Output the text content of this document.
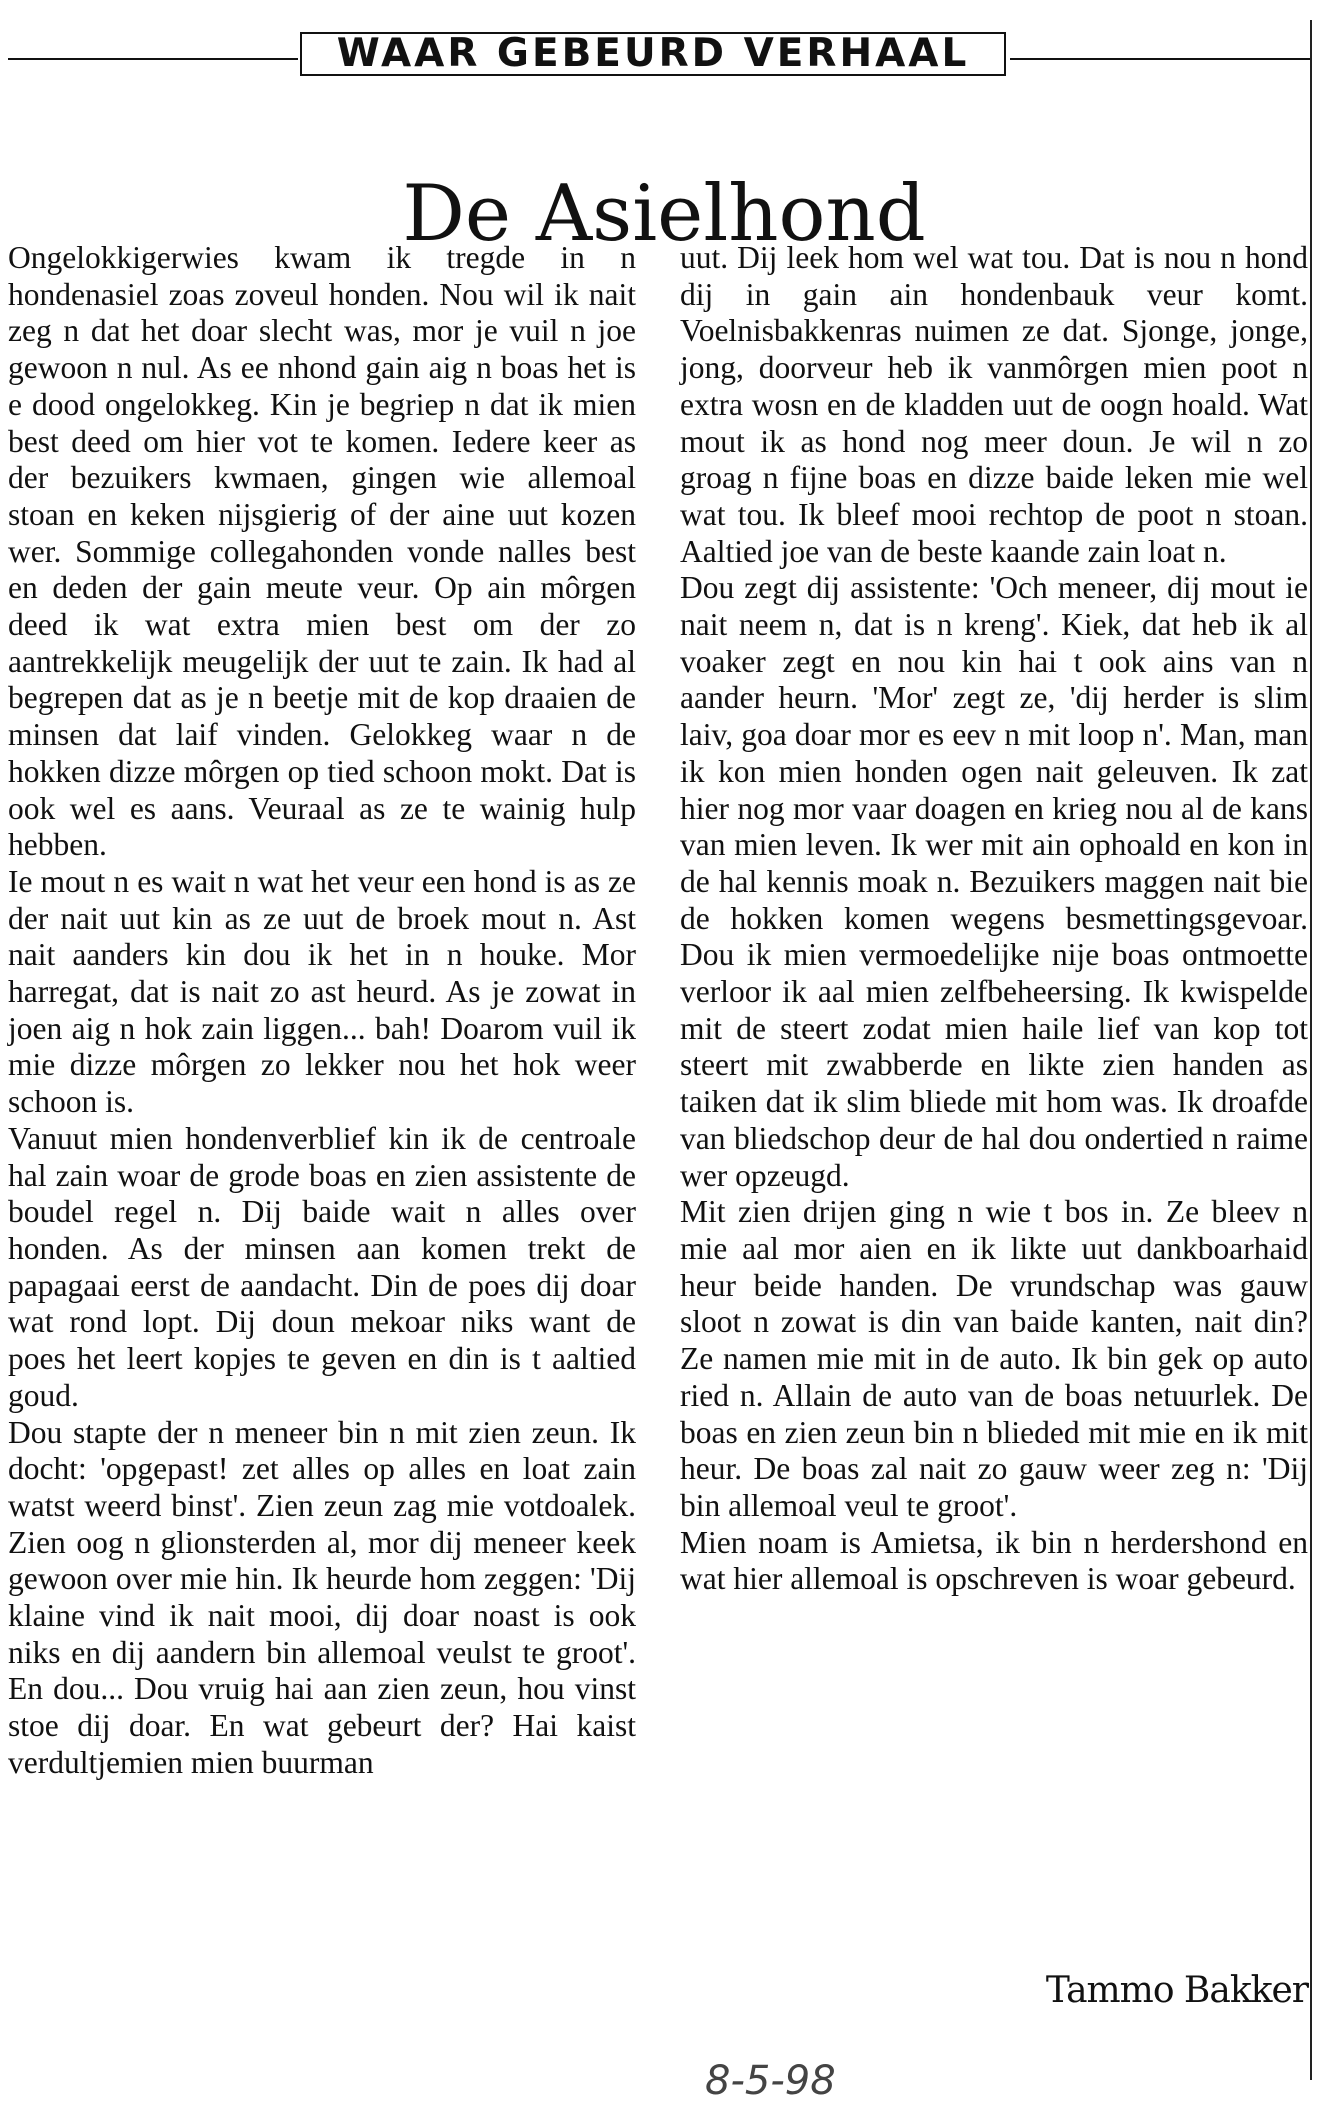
WAAR GEBEURD VERHAAL
De Asielhond

Ongelokkigerwies kwam ik tregde in n hondenasiel zoas zoveul honden. Nou wil ik nait zeg n dat het doar slecht was, mor je vuil n joe gewoon n nul. As ee nhond gain aig n boas het is e dood ongelokkeg. Kin je begriep n dat ik mien best deed om hier vot te komen. Iedere keer as der bezuikers kwmaen, gingen wie allemoal stoan en keken nijsgierig of der aine uut kozen wer. Sommige collegahonden vonde nalles best en deden der gain meute veur. Op ain môrgen deed ik wat extra mien best om der zo aantrekkelijk meugelijk der uut te zain. Ik had al begrepen dat as je n beetje mit de kop draaien de minsen dat laif vinden. Gelokkeg waar n de hokken dizze môrgen op tied schoon mokt. Dat is ook wel es aans. Veuraal as ze te wainig hulp hebben.

Ie mout n es wait n wat het veur een hond is as ze der nait uut kin as ze uut de broek mout n. Ast nait aanders kin dou ik het in n houke. Mor harregat, dat is nait zo ast heurd. As je zowat in joen aig n hok zain liggen... bah! Doarom vuil ik mie dizze môrgen zo lekker nou het hok weer schoon is.

Vanuut mien hondenverblief kin ik de centroale hal zain woar de grode boas en zien assistente de boudel regel n. Dij baide wait n alles over honden. As der minsen aan komen trekt de papagaai eerst de aandacht. Din de poes dij doar wat rond lopt. Dij doun mekoar niks want de poes het leert kopjes te geven en din is t aaltied goud.

Dou stapte der n meneer bin n mit zien zeun. Ik docht: 'opgepast! zet alles op alles en loat zain watst weerd binst'. Zien zeun zag mie votdoalek. Zien oog n glionsterden al, mor dij meneer keek gewoon over mie hin. Ik heurde hom zeggen: 'Dij klaine vind ik nait mooi, dij doar noast is ook niks en dij aandern bin allemoal veulst te groot'. En dou... Dou vruig hai aan zien zeun, hou vinst stoe dij doar. En wat gebeurt der? Hai kaist verdultjemien mien buurman

uut. Dij leek hom wel wat tou. Dat is nou n hond dij in gain ain hondenbauk veur komt. Voelnisbakkenras nuimen ze dat. Sjonge, jonge, jong, doorveur heb ik vanmôrgen mien poot n extra wosn en de kladden uut de oogn hoald. Wat mout ik as hond nog meer doun. Je wil n zo groag n fijne boas en dizze baide leken mie wel wat tou. Ik bleef mooi rechtop de poot n stoan. Aaltied joe van de beste kaande zain loat n.

Dou zegt dij assistente: 'Och meneer, dij mout ie nait neem n, dat is n kreng'. Kiek, dat heb ik al voaker zegt en nou kin hai t ook ains van n aander heurn. 'Mor' zegt ze, 'dij herder is slim laiv, goa doar mor es eev n mit loop n'. Man, man ik kon mien honden ogen nait geleuven. Ik zat hier nog mor vaar doagen en krieg nou al de kans van mien leven. Ik wer mit ain ophoald en kon in de hal kennis moak n. Bezuikers maggen nait bie de hokken komen wegens besmettingsgevoar. Dou ik mien vermoedelijke nije boas ontmoette verloor ik aal mien zelfbeheersing. Ik kwispelde mit de steert zodat mien haile lief van kop tot steert mit zwabberde en likte zien handen as taiken dat ik slim bliede mit hom was. Ik droafde van bliedschop deur de hal dou ondertied n raime wer opzeugd.

Mit zien drijen ging n wie t bos in. Ze bleev n mie aal mor aien en ik likte uut dankboarhaid heur beide handen. De vrundschap was gauw sloot n zowat is din van baide kanten, nait din? Ze namen mie mit in de auto. Ik bin gek op auto ried n. Allain de auto van de boas netuurlek. De boas en zien zeun bin n blieded mit mie en ik mit heur. De boas zal nait zo gauw weer zeg n: 'Dij bin allemoal veul te groot'.

Mien noam is Amietsa, ik bin n herdershond en wat hier allemoal is opschreven is woar gebeurd.

Tammo Bakker
8-5-98
